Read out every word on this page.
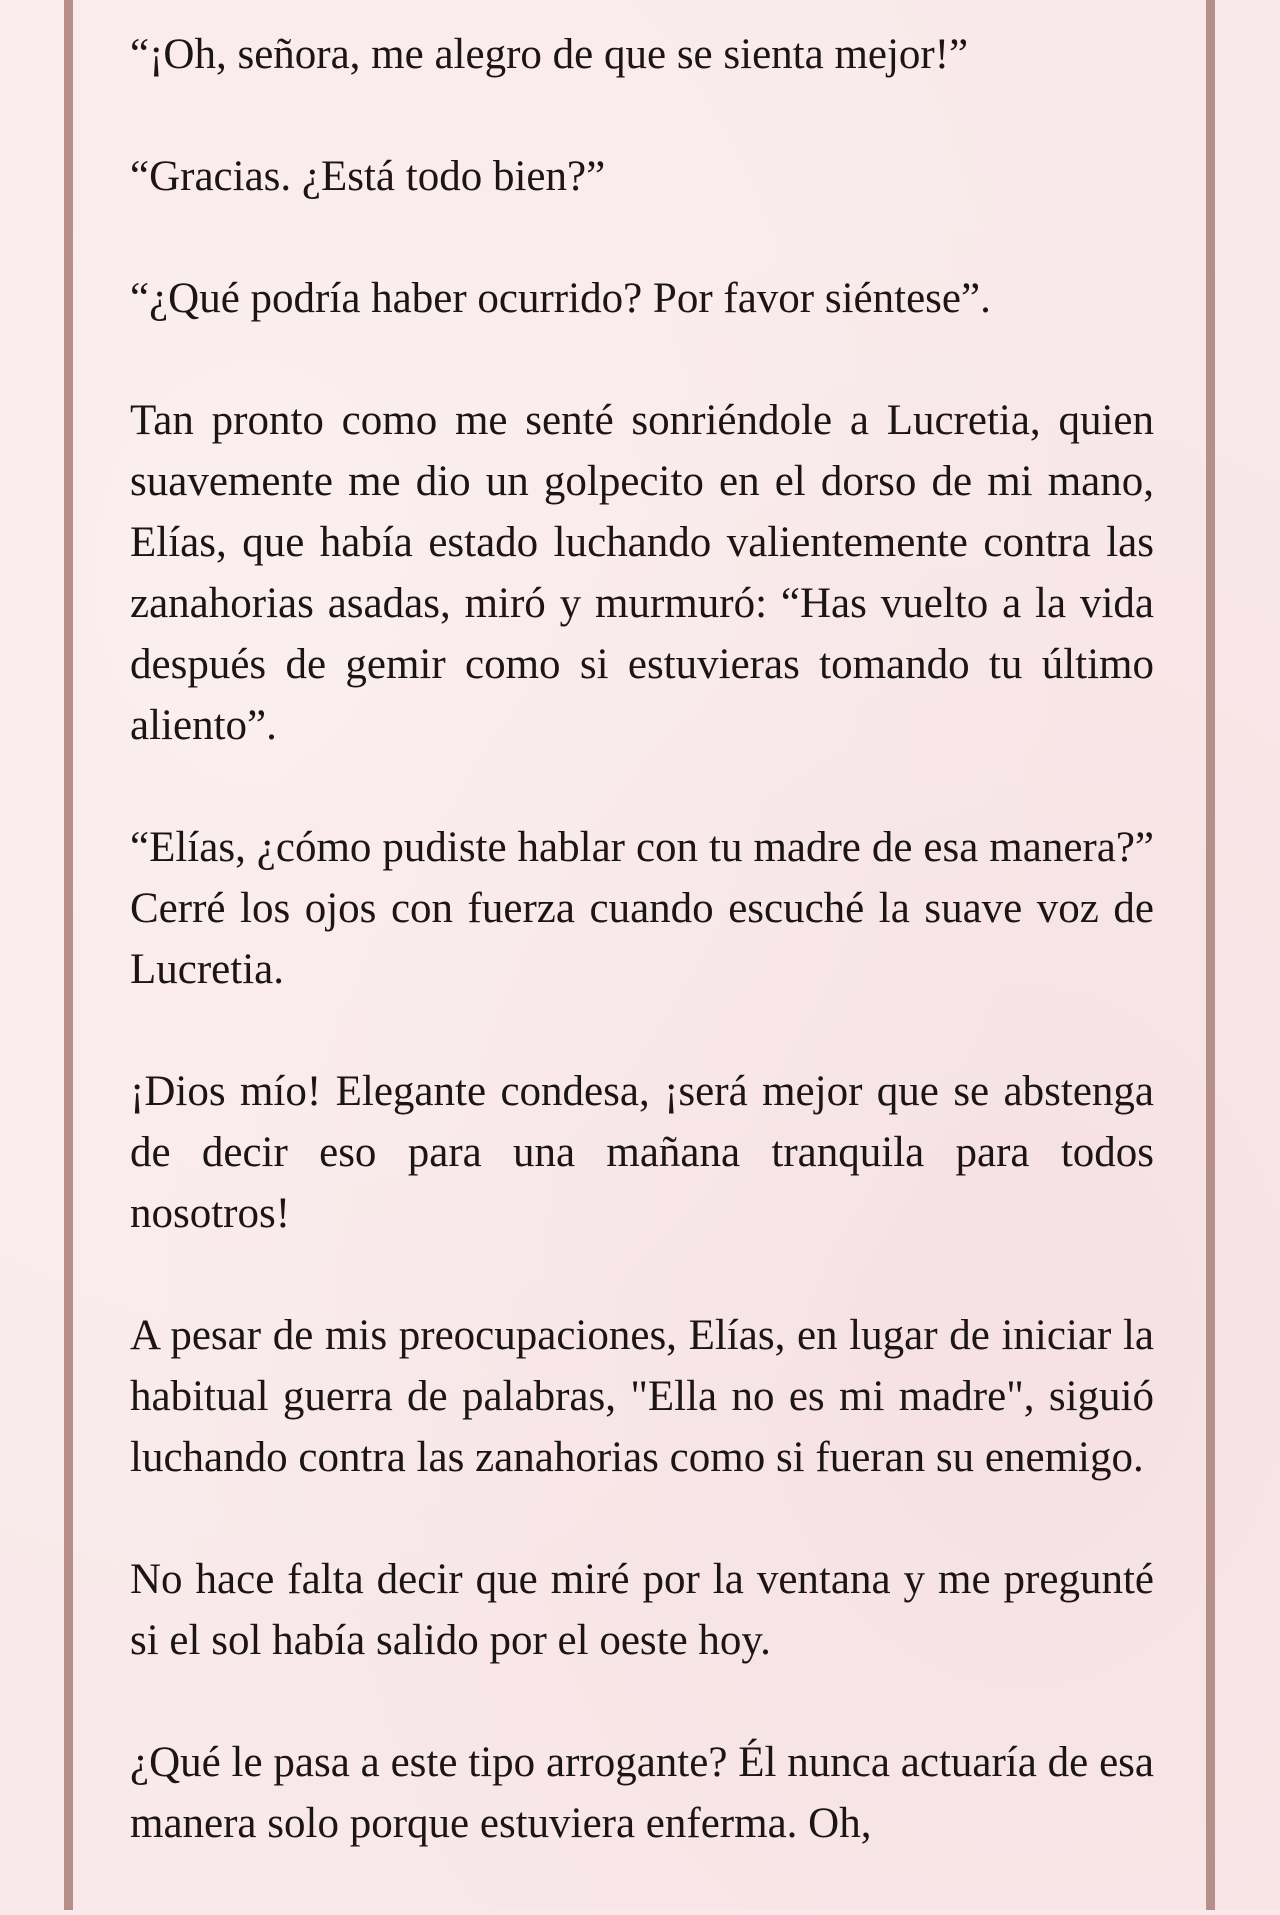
“¡Oh, señora, me alegro de que se sienta mejor!”

“Gracias. ¿Está todo bien?”

“¿Qué podría haber ocurrido? Por favor siéntese”.

Tan pronto como me senté sonriéndole a Lucretia, quien suavemente me dio un golpecito en el dorso de mi mano, Elías, que había estado luchando valientemente contra las zanahorias asadas, miró y murmuró: “Has vuelto a la vida después de gemir como si estuvieras tomando tu último aliento”.

“Elías, ¿cómo pudiste hablar con tu madre de esa manera?” Cerré los ojos con fuerza cuando escuché la suave voz de Lucretia.

¡Dios mío! Elegante condesa, ¡será mejor que se abstenga de decir eso para una mañana tranquila para todos nosotros!

A pesar de mis preocupaciones, Elías, en lugar de iniciar la habitual guerra de palabras, "Ella no es mi madre", siguió luchando contra las zanahorias como si fueran su enemigo.

No hace falta decir que miré por la ventana y me pregunté si el sol había salido por el oeste hoy.

¿Qué le pasa a este tipo arrogante? Él nunca actuaría de esa manera solo porque estuviera enferma. Oh,
